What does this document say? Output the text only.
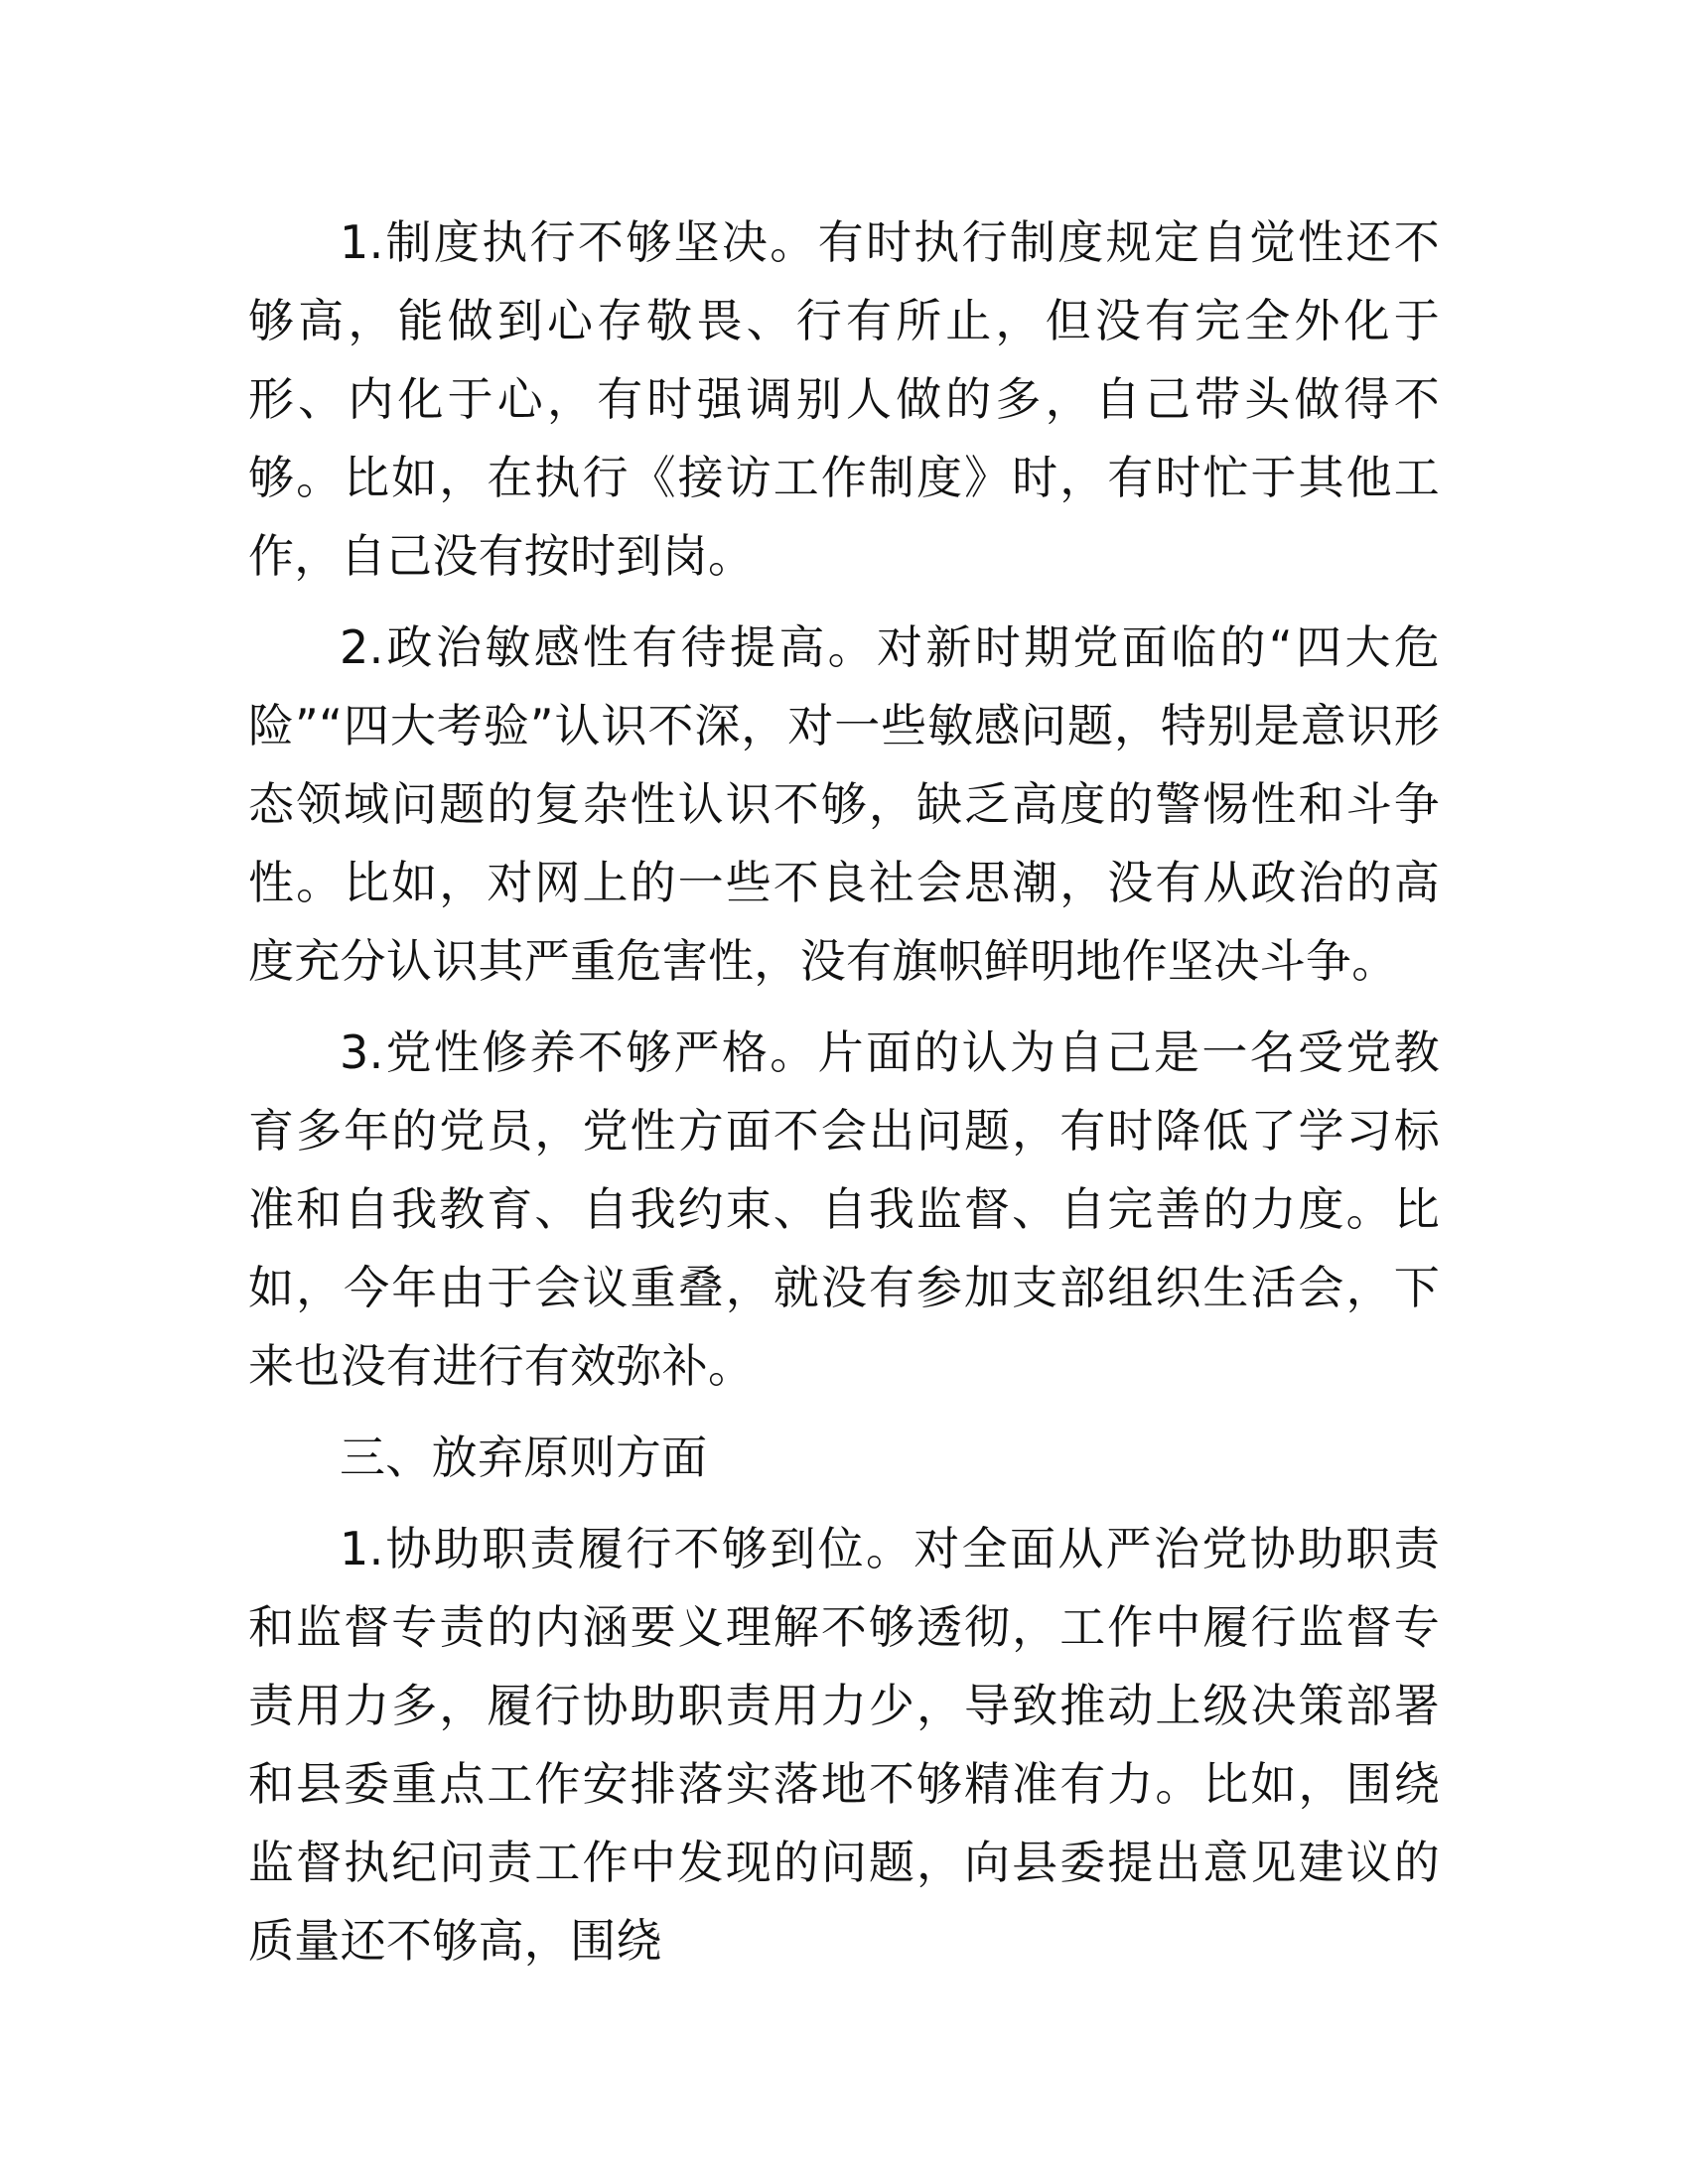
1.制度执行不够坚决。有时执行制度规定自觉性还不够高，能做到心存敬畏、行有所止，但没有完全外化于形、内化于心，有时强调别人做的多，自己带头做得不够。比如，在执行《接访工作制度》时，有时忙于其他工作，自己没有按时到岗。

2.政治敏感性有待提高。对新时期党面临的“四大危险”“四大考验”认识不深，对一些敏感问题，特别是意识形态领域问题的复杂性认识不够，缺乏高度的警惕性和斗争性。比如，对网上的一些不良社会思潮，没有从政治的高度充分认识其严重危害性，没有旗帜鲜明地作坚决斗争。

3.党性修养不够严格。片面的认为自己是一名受党教育多年的党员，党性方面不会出问题，有时降低了学习标准和自我教育、自我约束、自我监督、自完善的力度。比如，今年由于会议重叠，就没有参加支部组织生活会，下来也没有进行有效弥补。

三、放弃原则方面

1.协助职责履行不够到位。对全面从严治党协助职责和监督专责的内涵要义理解不够透彻，工作中履行监督专责用力多，履行协助职责用力少，导致推动上级决策部署和县委重点工作安排落实落地不够精准有力。比如，围绕监督执纪问责工作中发现的问题，向县委提出意见建议的质量还不够高，围绕
